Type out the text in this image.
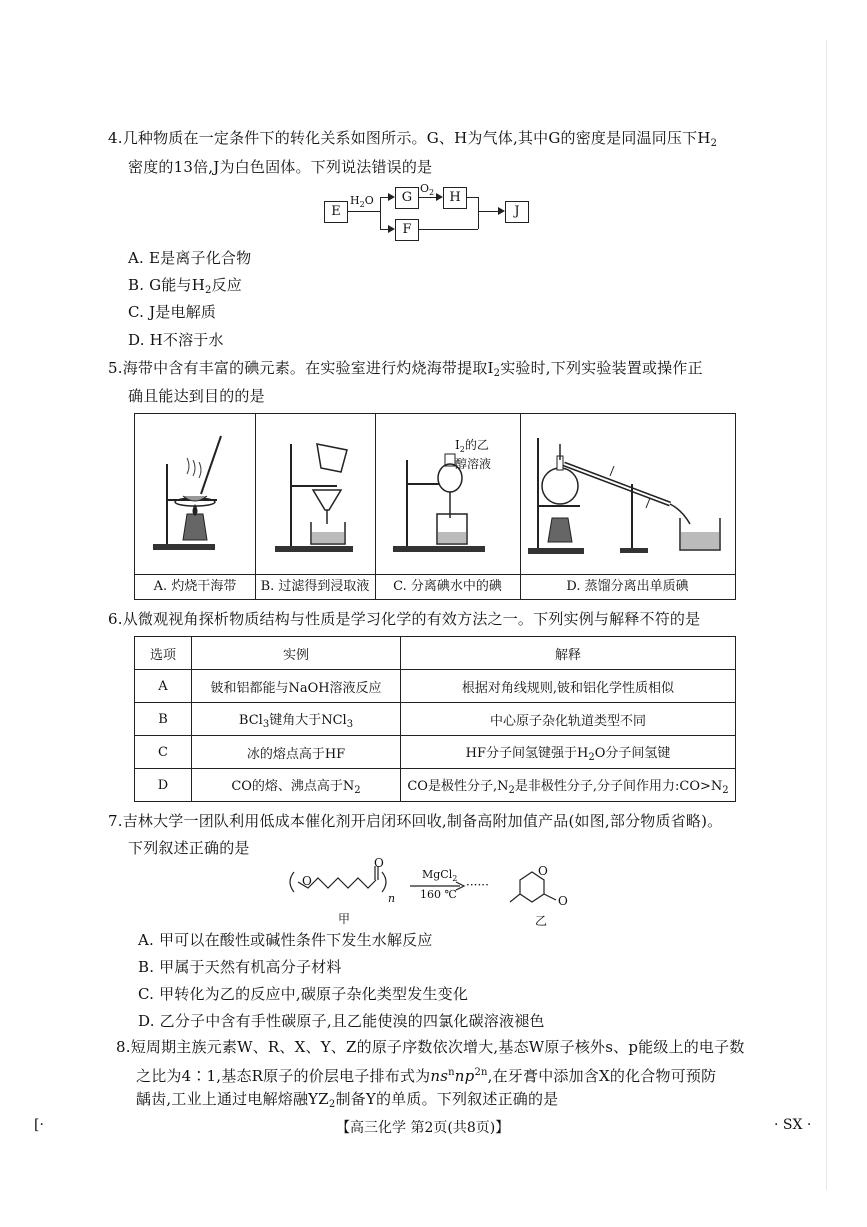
4.几种物质在一定条件下的转化关系如图所示。G、H为气体,其中G的密度是同温同压下$H_2$
密度的13倍,J为白色固体。下列说法错误的是
E
$H_2O$	G
F
$O_2$	H
J
A. E是离子化合物
B. G能与$H_2$反应
C. J是电解质
D. H不溶于水
5.海带中含有丰富的碘元素。在实验室进行灼烧海带提取$I_2$实验时,下列实验装置或操作正
确且能达到目的的是
A. 灼烧干海带	B. 过滤得到浸取液
$I_2$的乙
醇溶液
C. 分离碘水中的碘	D. 蒸馏分离出单质碘
6.从微观视角探析物质结构与性质是学习化学的有效方法之一。下列实例与解释不符的是
选项	实例	解释
A	铍和铝都能与NaOH溶液反应	根据对角线规则,铍和铝化学性质相似
B	BCl$_3$键角大于NCl$_3$	中心原子杂化轨道类型不同
C	冰的熔点高于HF	HF分子间氢键强于$H_2O$分子间氢键
D	CO的熔、沸点高于$N_2$	CO是极性分子$,N_2$是非极性分子,分子间作用力$:CO>N_2$
7.吉林大学一团队利用低成本催化剂开启闭环回收,制备高附加值产品(如图,部分物质省略)。
下列叙述正确的是
O
O
n
MgCl$_2$
160 ℃
······
O
O
甲	乙
A. 甲可以在酸性或碱性条件下发生水解反应
B. 甲属于天然有机高分子材料
C. 甲转化为乙的反应中,碳原子杂化类型发生变化
D. 乙分子中含有手性碳原子,且乙能使溴的四氯化碳溶液褪色
8.短周期主族元素W、R、X、Y、Z的原子序数依次增大,基态W原子核外s、p能级上的电子数
之比为4∶1,基态R原子的价层电子排布式为$ns^nnp^{2n}$,在牙膏中添加含X的化合物可预防
龋齿,工业上通过电解熔融$YZ_2$制备Y的单质。下列叙述正确的是
[·	【高三化学 第2页(共8页)】	· SX ·
